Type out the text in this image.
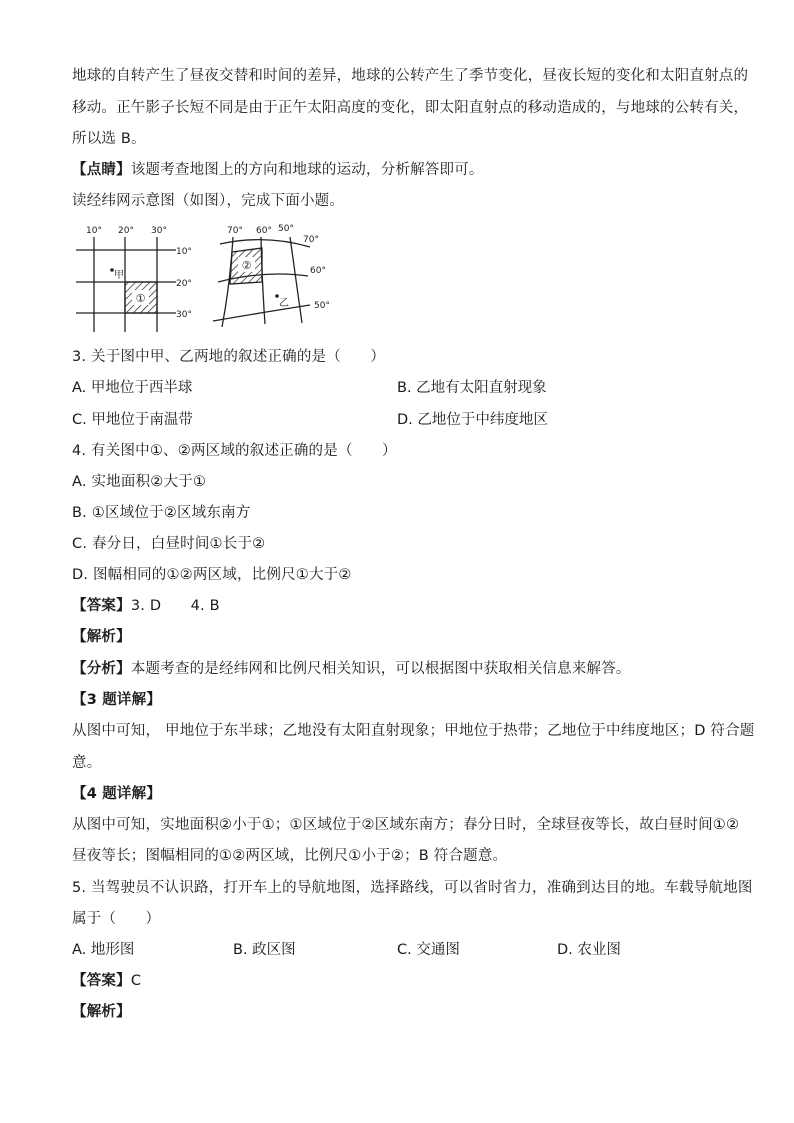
地球的自转产生了昼夜交替和时间的差异，地球的公转产生了季节变化，昼夜长短的变化和太阳直射点的
移动。正午影子长短不同是由于正午太阳高度的变化，即太阳直射点的移动造成的，与地球的公转有关，
所以选 B。
【点睛】该题考查地图上的方向和地球的运动，分析解答即可。
读经纬网示意图（如图），完成下面小题。
①
甲
10° 20° 30°
10°
20°
30°
②
乙
70° 60° 50°
70°
60°
50°
3. 关于图中甲、乙两地的叙述正确的是（　　）
A. 甲地位于西半球	B. 乙地有太阳直射现象
C. 甲地位于南温带	D. 乙地位于中纬度地区
4. 有关图中①、②两区域的叙述正确的是（　　）
A. 实地面积②大于①
B. ①区域位于②区域东南方
C. 春分日，白昼时间①长于②
D. 图幅相同的①②两区域，比例尺①大于②
【答案】3. D　　4. B
【解析】
【分析】本题考查的是经纬网和比例尺相关知识，可以根据图中获取相关信息来解答。
【3 题详解】
从图中可知， 甲地位于东半球；乙地没有太阳直射现象；甲地位于热带；乙地位于中纬度地区；D 符合题
意。
【4 题详解】
从图中可知，实地面积②小于①；①区域位于②区域东南方；春分日时，全球昼夜等长，故白昼时间①②
昼夜等长；图幅相同的①②两区域，比例尺①小于②；B 符合题意。
5. 当驾驶员不认识路，打开车上的导航地图，选择路线，可以省时省力，准确到达目的地。车载导航地图
属于（　　）
A. 地形图	B. 政区图	C. 交通图	D. 农业图
【答案】C
【解析】
